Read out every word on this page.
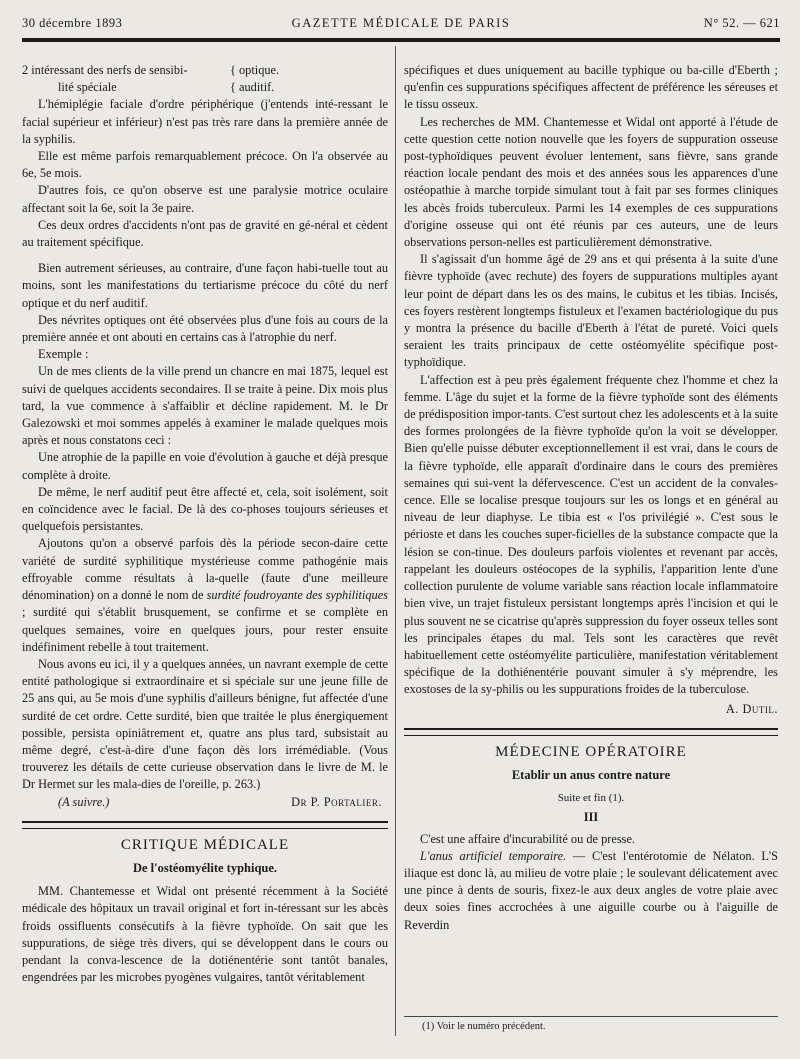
30 décembre 1893	GAZETTE MÉDICALE DE PARIS	N° 52. — 621
2 intéressant des nerfs de sensibi-	{ optique.
lité spéciale	{ auditif.

L'hémiplégie faciale d'ordre périphérique (j'entends inté-ressant le facial supérieur et inférieur) n'est pas très rare dans la première année de la syphilis.

Elle est même parfois remarquablement précoce. On l'a observée au 6e, 5e mois.

D'autres fois, ce qu'on observe est une paralysie motrice oculaire affectant soit la 6e, soit la 3e paire.

Ces deux ordres d'accidents n'ont pas de gravité en gé-néral et cèdent au traitement spécifique.

Bien autrement sérieuses, au contraire, d'une façon habi-tuelle tout au moins, sont les manifestations du tertiarisme précoce du côté du nerf optique et du nerf auditif.

Des névrites optiques ont été observées plus d'une fois au cours de la première année et ont abouti en certains cas à l'atrophie du nerf.

Exemple :

Un de mes clients de la ville prend un chancre en mai 1875, lequel est suivi de quelques accidents secondaires. Il se traite à peine. Dix mois plus tard, la vue commence à s'affaiblir et décline rapidement. M. le Dr Galezowski et moi sommes appelés à examiner le malade quelques mois après et nous constatons ceci :

Une atrophie de la papille en voie d'évolution à gauche et déjà presque complète à droite.

De même, le nerf auditif peut être affecté et, cela, soit isolément, soit en coïncidence avec le facial. De là des co-phoses toujours sérieuses et quelquefois persistantes.

Ajoutons qu'on a observé parfois dès la période secon-daire cette variété de surdité syphilitique mystérieuse comme pathogénie mais effroyable comme résultats à la-quelle (faute d'une meilleure dénomination) on a donné le nom de surdité foudroyante des syphilitiques ; surdité qui s'établit brusquement, se confirme et se complète en quelques semaines, voire en quelques jours, pour rester ensuite indéfiniment rebelle à tout traitement.

Nous avons eu ici, il y a quelques années, un navrant exemple de cette entité pathologique si extraordinaire et si spéciale sur une jeune fille de 25 ans qui, au 5e mois d'une syphilis d'ailleurs bénigne, fut affectée d'une surdité de cet ordre. Cette surdité, bien que traitée le plus énergiquement possible, persista opiniâtrement et, quatre ans plus tard, subsistait au même degré, c'est-à-dire d'une façon dès lors irrémédiable. (Vous trouverez les détails de cette curieuse observation dans le livre de M. le Dr Hermet sur les mala-dies de l'oreille, p. 263.)

(A suivre.)	Dr P. Portalier.
CRITIQUE MÉDICALE
De l'ostéomyélite typhique.

MM. Chantemesse et Widal ont présenté récemment à la Société médicale des hôpitaux un travail original et fort in-téressant sur les abcès froids ossifluents consécutifs à la fièvre typhoïde. On sait que les suppurations, de siège très divers, qui se développent dans le cours ou pendant la conva-lescence de la dotiénentérie sont tantôt banales, engendrées par les microbes pyogènes vulgaires, tantôt véritablement

spécifiques et dues uniquement au bacille typhique ou ba-cille d'Eberth ; qu'enfin ces suppurations spécifiques affectent de préférence les séreuses et le tissu osseux.

Les recherches de MM. Chantemesse et Widal ont apporté à l'étude de cette question cette notion nouvelle que les foyers de suppuration osseuse post-typhoïdiques peuvent évoluer lentement, sans fièvre, sans grande réaction locale pendant des mois et des années sous les apparences d'une ostéopathie à marche torpide simulant tout à fait par ses formes cliniques les abcès froids tuberculeux. Parmi les 14 exemples de ces suppurations d'origine osseuse qui ont été réunis par ces auteurs, une de leurs observations person-nelles est particulièrement démonstrative.

Il s'agissait d'un homme âgé de 29 ans et qui présenta à la suite d'une fièvre typhoïde (avec rechute) des foyers de suppurations multiples ayant leur point de départ dans les os des mains, le cubitus et les tibias. Incisés, ces foyers restèrent longtemps fistuleux et l'examen bactériologique du pus y montra la présence du bacille d'Eberth à l'état de pureté. Voici quels seraient les traits principaux de cette ostéomyélite spécifique post-typhoïdique.

L'affection est à peu près également fréquente chez l'homme et chez la femme. L'âge du sujet et la forme de la fièvre typhoïde sont des éléments de prédisposition impor-tants. C'est surtout chez les adolescents et à la suite des formes prolongées de la fièvre typhoïde qu'on la voit se développer. Bien qu'elle puisse débuter exceptionnellement il est vrai, dans le cours de la fièvre typhoïde, elle apparaît d'ordinaire dans le cours des premières semaines qui sui-vent la défervescence. C'est un accident de la convales-cence. Elle se localise presque toujours sur les os longs et en général au niveau de leur diaphyse. Le tibia est « l'os privilégié ». C'est sous le périoste et dans les couches super-ficielles de la substance compacte que la lésion se con-tinue. Des douleurs parfois violentes et revenant par accès, rappelant les douleurs ostéocopes de la syphilis, l'apparition lente d'une collection purulente de volume variable sans réaction locale inflammatoire bien vive, un trajet fistuleux persistant longtemps après l'incision et qui le plus souvent ne se cicatrise qu'après suppression du foyer osseux telles sont les principales étapes du mal. Tels sont les caractères que revêt habituellement cette ostéomyélite particulière, manifestation véritablement spécifique de la dothiénentérie pouvant simuler à s'y méprendre, les exostoses de la sy-philis ou les suppurations froides de la tuberculose.

A. Dutil.
MÉDECINE OPÉRATOIRE
Etablir un anus contre nature
Suite et fin (1).
III

C'est une affaire d'incurabilité ou de presse.

L'anus artificiel temporaire. — C'est l'entérotomie de Nélaton. L'S iliaque est donc là, au milieu de votre plaie ; le soulevant délicatement avec une pince à dents de souris, fixez-le aux deux angles de votre plaie avec deux soies fines accrochées à une aiguille courbe ou à l'aiguille de Reverdin

(1) Voir le numéro précédent.
